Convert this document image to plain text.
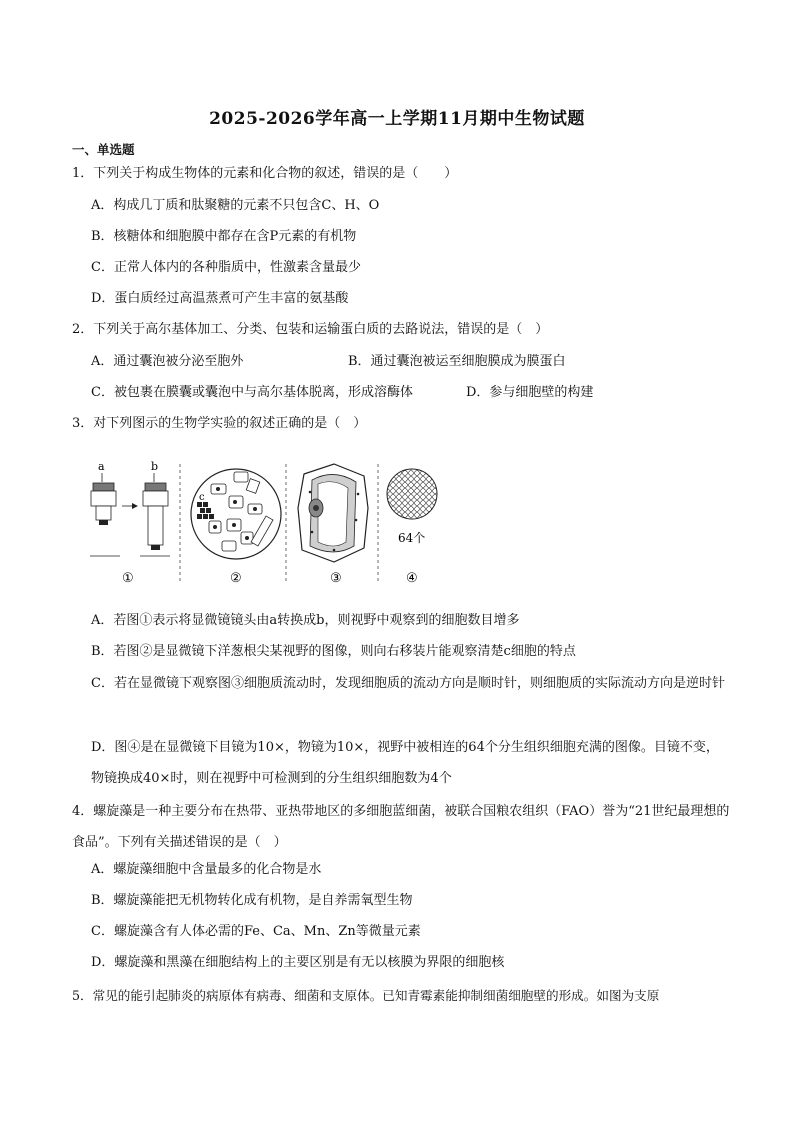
2025-2026学年高一上学期11月期中生物试题
一、单选题
1．下列关于构成生物体的元素和化合物的叙述，错误的是（　　）
A．构成几丁质和肽聚糖的元素不只包含C、H、O
B．核糖体和细胞膜中都存在含P元素的有机物
C．正常人体内的各种脂质中，性激素含量最少
D．蛋白质经过高温蒸煮可产生丰富的氨基酸
2．下列关于高尔基体加工、分类、包装和运输蛋白质的去路说法，错误的是（　）
A．通过囊泡被分泌至胞外	B．通过囊泡被运至细胞膜成为膜蛋白
C．被包裹在膜囊或囊泡中与高尔基体脱离，形成溶酶体	D．参与细胞壁的构建
3．对下列图示的生物学实验的叙述正确的是（　）
a	b
①
c
②	③
64个
④
A．若图①表示将显微镜镜头由a转换成b，则视野中观察到的细胞数目增多
B．若图②是显微镜下洋葱根尖某视野的图像，则向右移装片能观察清楚c细胞的特点
C．若在显微镜下观察图③细胞质流动时，发现细胞质的流动方向是顺时针，则细胞质的实际流动方向是逆时针
D．图④是在显微镜下目镜为10×，物镜为10×，视野中被相连的64个分生组织细胞充满的图像。目镜不变，物镜换成40×时，则在视野中可检测到的分生组织细胞数为4个
4．螺旋藻是一种主要分布在热带、亚热带地区的多细胞蓝细菌，被联合国粮农组织（FAO）誉为“21世纪最理想的食品”。下列有关描述错误的是（　）
A．螺旋藻细胞中含量最多的化合物是水
B．螺旋藻能把无机物转化成有机物，是自养需氧型生物
C．螺旋藻含有人体必需的Fe、Ca、Mn、Zn等微量元素
D．螺旋藻和黑藻在细胞结构上的主要区别是有无以核膜为界限的细胞核
5．常见的能引起肺炎的病原体有病毒、细菌和支原体。已知青霉素能抑制细菌细胞壁的形成。如图为支原
